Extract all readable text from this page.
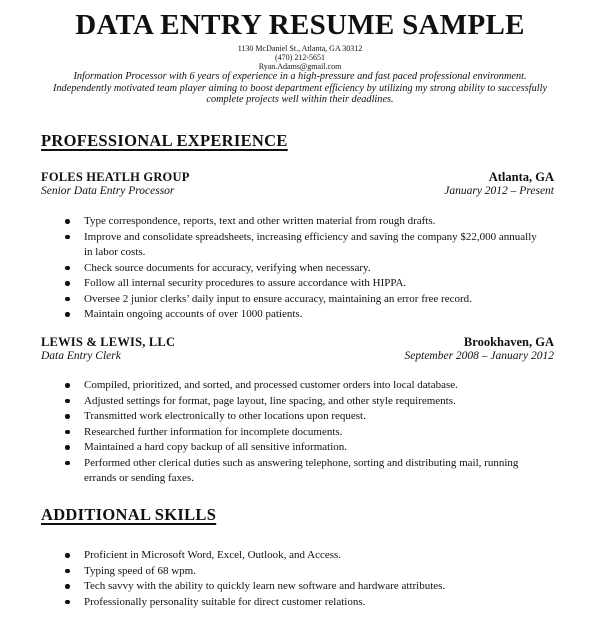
DATA ENTRY RESUME SAMPLE
1130 McDaniel St., Atlanta, GA 30312
(470) 212-5651
Ryan.Adams@gmail.com

Information Processor with 6 years of experience in a high-pressure and fast paced professional environment. Independently motivated team player aiming to boost department efficiency by utilizing my strong ability to successfully complete projects well within their deadlines.

PROFESSIONAL EXPERIENCE
FOLES HEATLH GROUP	Atlanta, GA
Senior Data Entry Processor	January 2012 – Present
Type correspondence, reports, text and other written material from rough drafts.
Improve and consolidate spreadsheets, increasing efficiency and saving the company $22,000 annually in labor costs.
Check source documents for accuracy, verifying when necessary.
Follow all internal security procedures to assure accordance with HIPPA.
Oversee 2 junior clerks’ daily input to ensure accuracy, maintaining an error free record.
Maintain ongoing accounts of over 1000 patients.
LEWIS & LEWIS, LLC	Brookhaven, GA
Data Entry Clerk	September 2008 – January 2012
Compiled, prioritized, and sorted, and processed customer orders into local database.
Adjusted settings for format, page layout, line spacing, and other style requirements.
Transmitted work electronically to other locations upon request.
Researched further information for incomplete documents.
Maintained a hard copy backup of all sensitive information.
Performed other clerical duties such as answering telephone, sorting and distributing mail, running errands or sending faxes.
ADDITIONAL SKILLS
Proficient in Microsoft Word, Excel, Outlook, and Access.
Typing speed of 68 wpm.
Tech savvy with the ability to quickly learn new software and hardware attributes.
Professionally personality suitable for direct customer relations.
